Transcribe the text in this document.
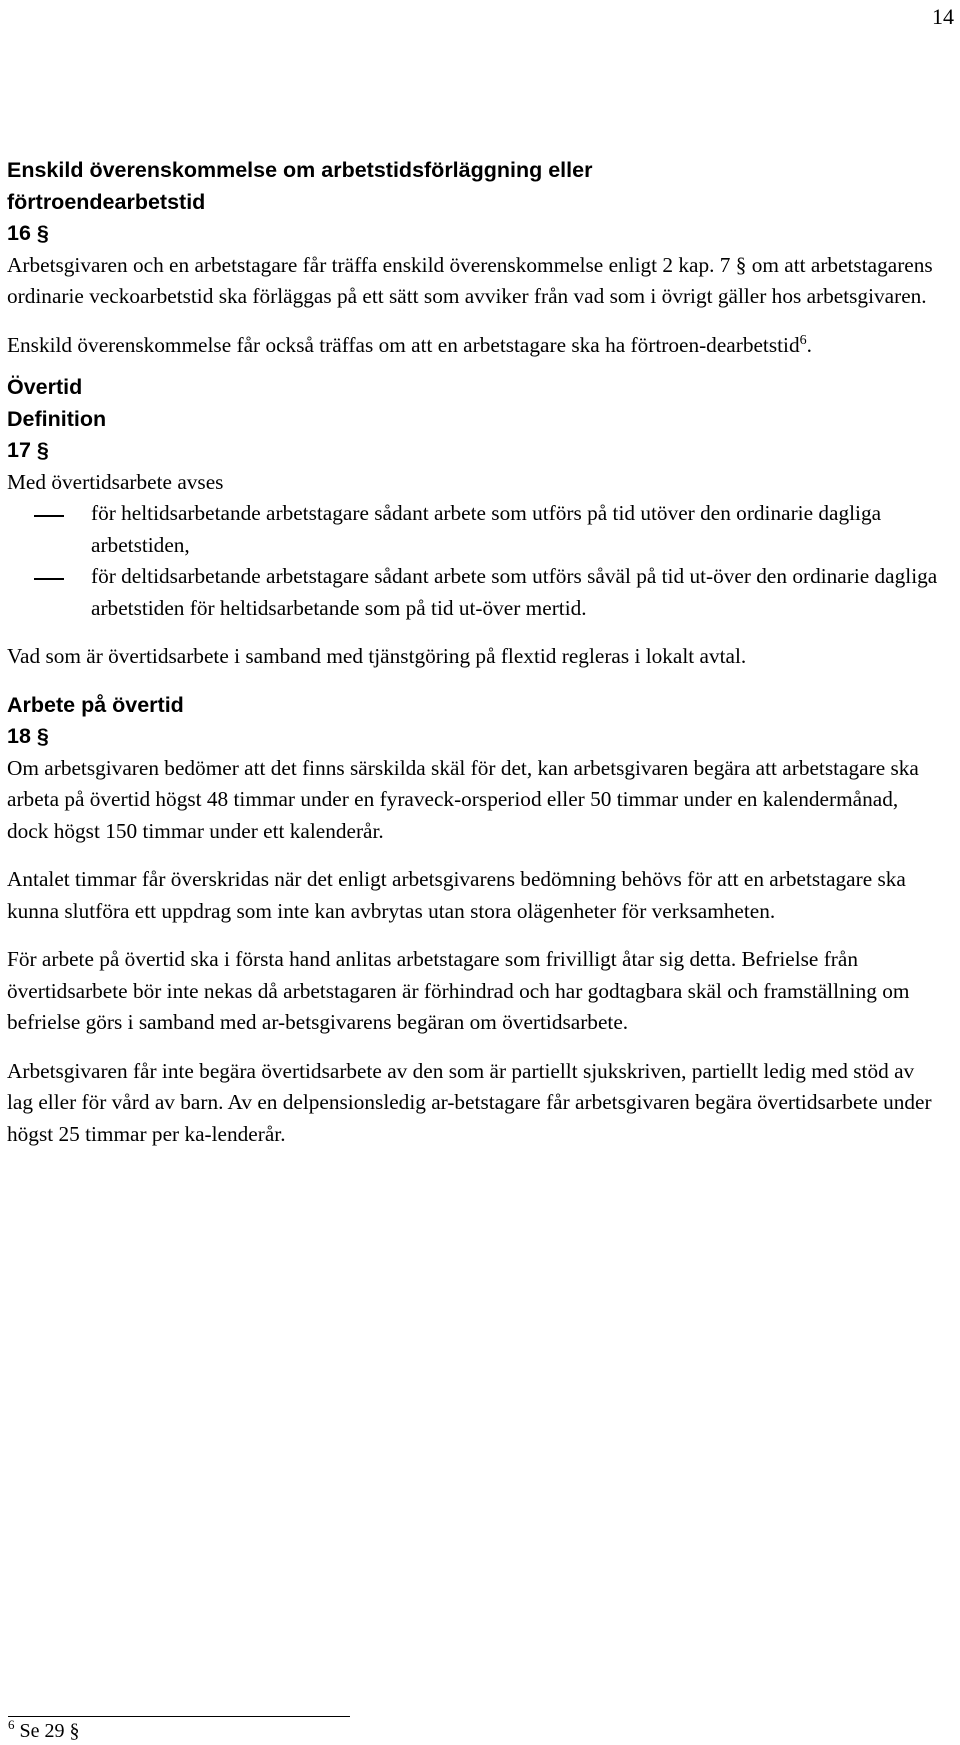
14
Enskild överenskommelse om arbetstidsförläggning eller
förtroendearbetstid
16 §

Arbetsgivaren och en arbetstagare får träffa enskild överenskommelse enligt 2 kap. 7 § om att arbetstagarens ordinarie veckoarbetstid ska förläggas på ett sätt som avviker från vad som i övrigt gäller hos arbetsgivaren.

Enskild överenskommelse får också träffas om att en arbetstagare ska ha förtroen-dearbetstid$^6$.

Övertid
Definition
17 §

Med övertidsarbete avses

för heltidsarbetande arbetstagare sådant arbete som utförs på tid utöver den ordinarie dagliga arbetstiden,
för deltidsarbetande arbetstagare sådant arbete som utförs såväl på tid ut-över den ordinarie dagliga arbetstiden för heltidsarbetande som på tid ut-över mertid.

Vad som är övertidsarbete i samband med tjänstgöring på flextid regleras i lokalt avtal.

Arbete på övertid
18 §

Om arbetsgivaren bedömer att det finns särskilda skäl för det, kan arbetsgivaren begära att arbetstagare ska arbeta på övertid högst 48 timmar under en fyraveck-orsperiod eller 50 timmar under en kalendermånad, dock högst 150 timmar under ett kalenderår.

Antalet timmar får överskridas när det enligt arbetsgivarens bedömning behövs för att en arbetstagare ska kunna slutföra ett uppdrag som inte kan avbrytas utan stora olägenheter för verksamheten.

För arbete på övertid ska i första hand anlitas arbetstagare som frivilligt åtar sig detta. Befrielse från övertidsarbete bör inte nekas då arbetstagaren är förhindrad och har godtagbara skäl och framställning om befrielse görs i samband med ar-betsgivarens begäran om övertidsarbete.

Arbetsgivaren får inte begära övertidsarbete av den som är partiellt sjukskriven, partiellt ledig med stöd av lag eller för vård av barn. Av en delpensionsledig ar-betstagare får arbetsgivaren begära övertidsarbete under högst 25 timmar per ka-lenderår.

$^6$ Se 29 §
